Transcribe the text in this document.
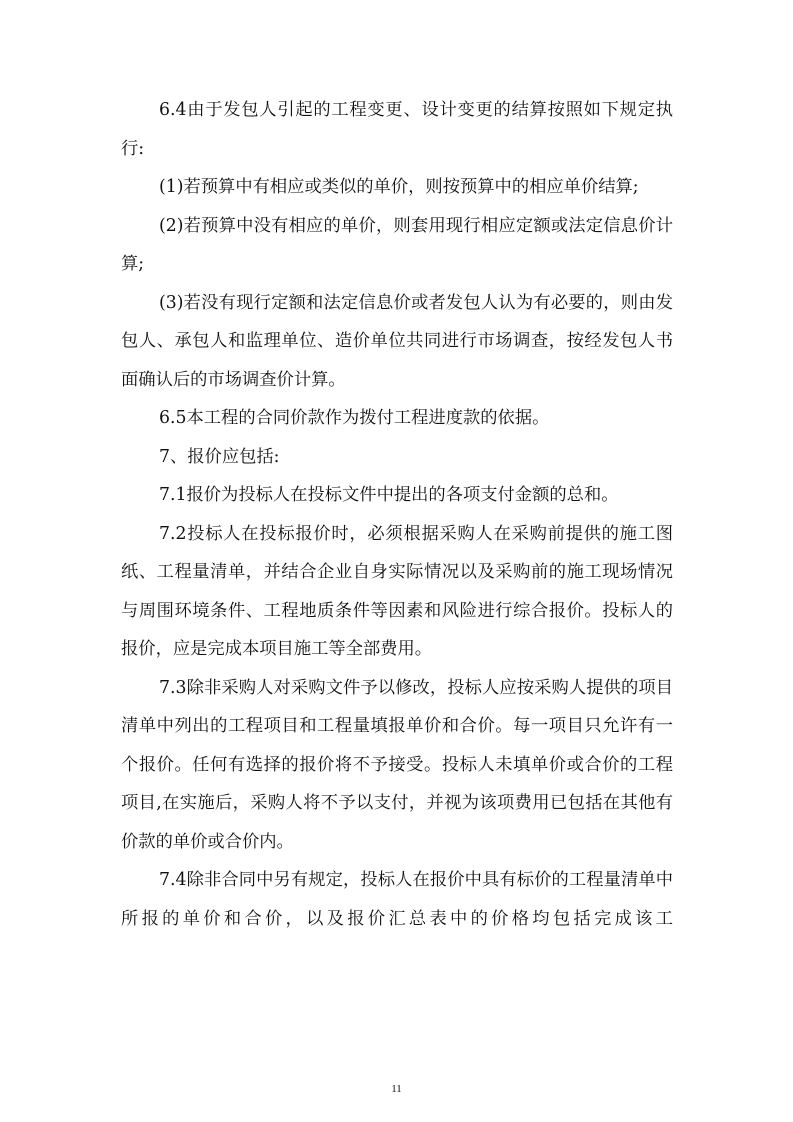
6.4由于发包人引起的工程变更、设计变更的结算按照如下规定执行:

(1)若预算中有相应或类似的单价，则按预算中的相应单价结算;

(2)若预算中没有相应的单价，则套用现行相应定额或法定信息价计算;

(3)若没有现行定额和法定信息价或者发包人认为有必要的，则由发包人、承包人和监理单位、造价单位共同进行市场调查，按经发包人书面确认后的市场调查价计算。

6.5本工程的合同价款作为拨付工程进度款的依据。

7、报价应包括:

7.1报价为投标人在投标文件中提出的各项支付金额的总和。

7.2投标人在投标报价时，必须根据采购人在采购前提供的施工图纸、工程量清单，并结合企业自身实际情况以及采购前的施工现场情况与周围环境条件、工程地质条件等因素和风险进行综合报价。投标人的报价，应是完成本项目施工等全部费用。

7.3除非采购人对采购文件予以修改，投标人应按采购人提供的项目清单中列出的工程项目和工程量填报单价和合价。每一项目只允许有一个报价。任何有选择的报价将不予接受。投标人未填单价或合价的工程项目,在实施后，采购人将不予以支付，并视为该项费用已包括在其他有价款的单价或合价内。

7.4除非合同中另有规定，投标人在报价中具有标价的工程量清单中所报的单价和合价，以及报价汇总表中的价格均包括完成该工

11
